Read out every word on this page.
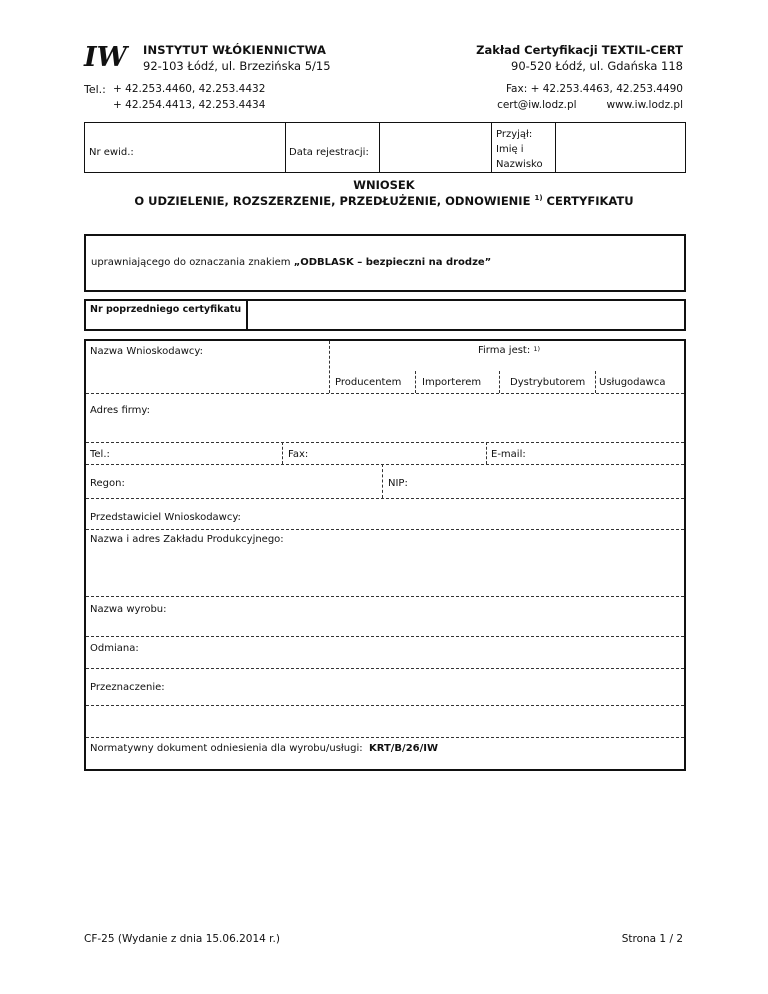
IW INSTYTUT WŁÓKIENNICTWA
92-103 Łódź, ul. Brzezińska 5/15
Zakład Certyfikacji TEXTIL-CERT
90-520 Łódź, ul. Gdańska 118
Tel.: + 42.253.4460, 42.253.4432
+ 42.254.4413, 42.253.4434
Fax: + 42.253.4463, 42.253.4490
cert@iw.lodz.pl	www.iw.lodz.pl
Nr ewid.:	Data rejestracji:
Przyjął:
Imię i
Nazwisko
WNIOSEK
O UDZIELENIE, ROZSZERZENIE, PRZEDŁUŻENIE, ODNOWIENIE $^{1)}$ CERTYFIKATU
uprawniającego do oznaczania znakiem „ODBLASK – bezpieczni na drodze”
Nr poprzedniego certyfikatu
Nazwa Wnioskodawcy:	Firma jest: $^{1)}$
Producentem Importerem	Dystrybutorem Usługodawca
Adres firmy:
Tel.:	Fax:	E-mail:
Regon:	NIP:
Przedstawiciel Wnioskodawcy:
Nazwa i adres Zakładu Produkcyjnego:
Nazwa wyrobu:
Odmiana:
Przeznaczenie:
Normatywny dokument odniesienia dla wyrobu/usługi: KRT/B/26/IW
CF-25 (Wydanie z dnia 15.06.2014 r.)	Strona 1 / 2
